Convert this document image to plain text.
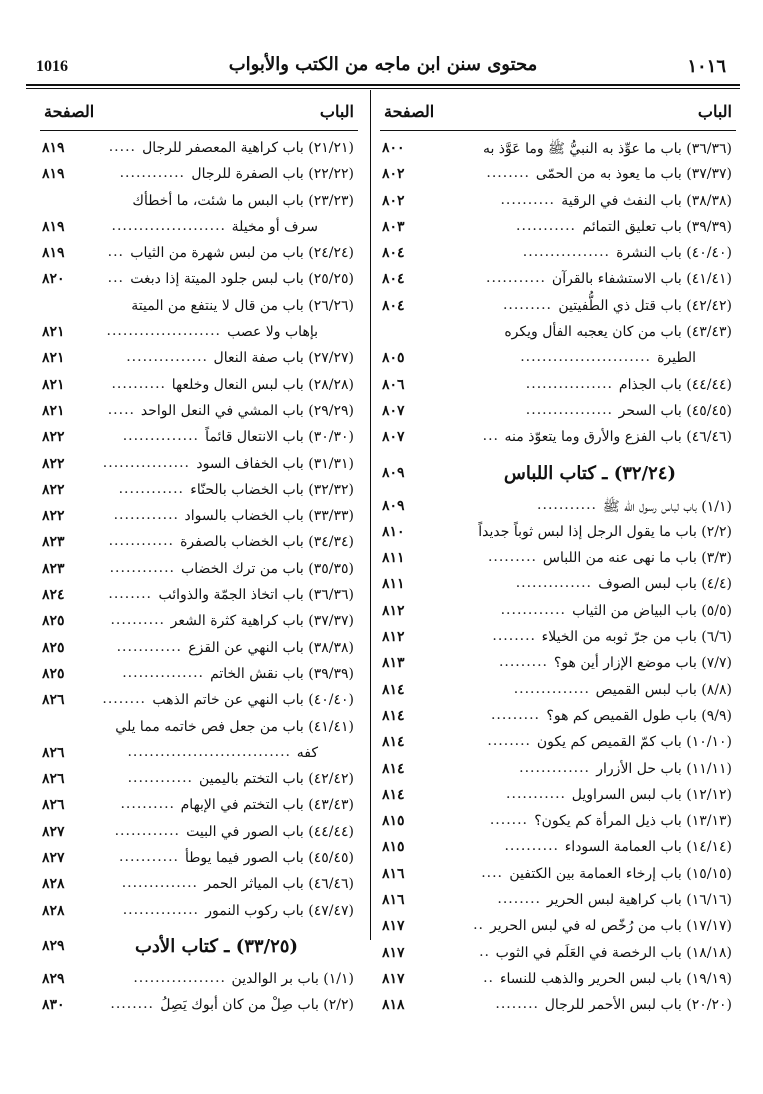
1016	محتوى سنن ابن ماجه من الكتب والأبواب	١٠١٦
الباب
الصفحة
(٣٦/٣٦) باب ما عوِّذ به النبيُّ ﷺ وما عَوَّذ به
٨٠٠
(٣٧/٣٧) باب ما يعوذ به من الحمّى
........
٨٠٢
(٣٨/٣٨) باب النفث في الرقية
..........
٨٠٢
(٣٩/٣٩) باب تعليق التمائم
...........
٨٠٣
(٤٠/٤٠) باب النشرة
................
٨٠٤
(٤١/٤١) باب الاستشفاء بالقرآن
...........
٨٠٤
(٤٢/٤٢) باب قتل ذي الطُّفيتين
.........
٨٠٤
(٤٣/٤٣) باب من كان يعجبه الفأل ويكره
الطيرة
........................
٨٠٥
(٤٤/٤٤) باب الجذام
................
٨٠٦
(٤٥/٤٥) باب السحر
................
٨٠٧
(٤٦/٤٦) باب الفزع والأرق وما يتعوّذ منه
...
٨٠٧
(٣٢/٢٤) ـ كتاب اللباس
٨٠٩
(١/١) باب لباس رسول الله ﷺ
...........
٨٠٩
(٢/٢) باب ما يقول الرجل إذا لبس ثوباً جديداً
٨١٠
(٣/٣) باب ما نهى عنه من اللباس
.........
٨١١
(٤/٤) باب لبس الصوف
..............
٨١١
(٥/٥) باب البياض من الثياب
............
٨١٢
(٦/٦) باب من جرّ ثوبه من الخيلاء
........
٨١٢
(٧/٧) باب موضع الإزار أين هو؟
.........
٨١٣
(٨/٨) باب لبس القميص
..............
٨١٤
(٩/٩) باب طول القميص كم هو؟
.........
٨١٤
(١٠/١٠) باب كمّ القميص كم يكون
........
٨١٤
(١١/١١) باب حل الأزرار
.............
٨١٤
(١٢/١٢) باب لبس السراويل
...........
٨١٤
(١٣/١٣) باب ذيل المرأة كم يكون؟
.......
٨١٥
(١٤/١٤) باب العمامة السوداء
..........
٨١٥
(١٥/١٥) باب إرخاء العمامة بين الكتفين
....
٨١٦
(١٦/١٦) باب كراهية لبس الحرير
........
٨١٦
(١٧/١٧) باب من رُخّص له في لبس الحرير
..
٨١٧
(١٨/١٨) باب الرخصة في العَلَم في الثوب
..
٨١٧
(١٩/١٩) باب لبس الحرير والذهب للنساء
..
٨١٧
(٢٠/٢٠) باب لبس الأحمر للرجال
........
٨١٨
الباب
الصفحة
(٢١/٢١) باب كراهية المعصفر للرجال
.....
٨١٩
(٢٢/٢٢) باب الصفرة للرجال
............
٨١٩
(٢٣/٢٣) باب البس ما شئت، ما أخطأك
سرف أو مخيلة
.....................
٨١٩
(٢٤/٢٤) باب من لبس شهرة من الثياب
...
٨١٩
(٢٥/٢٥) باب لبس جلود الميتة إذا دبغت
...
٨٢٠
(٢٦/٢٦) باب من قال لا ينتفع من الميتة
بإهاب ولا عصب
.....................
٨٢١
(٢٧/٢٧) باب صفة النعال
...............
٨٢١
(٢٨/٢٨) باب لبس النعال وخلعها
..........
٨٢١
(٢٩/٢٩) باب المشي في النعل الواحد
.....
٨٢١
(٣٠/٣٠) باب الانتعال قائماً
..............
٨٢٢
(٣١/٣١) باب الخفاف السود
................
٨٢٢
(٣٢/٣٢) باب الخضاب بالحنّاء
............
٨٢٢
(٣٣/٣٣) باب الخضاب بالسواد
............
٨٢٢
(٣٤/٣٤) باب الخضاب بالصفرة
............
٨٢٣
(٣٥/٣٥) باب من ترك الخضاب
............
٨٢٣
(٣٦/٣٦) باب اتخاذ الجمّة والذوائب
........
٨٢٤
(٣٧/٣٧) باب كراهية كثرة الشعر
..........
٨٢٥
(٣٨/٣٨) باب النهي عن القزع
............
٨٢٥
(٣٩/٣٩) باب نقش الخاتم
...............
٨٢٥
(٤٠/٤٠) باب النهي عن خاتم الذهب
........
٨٢٦
(٤١/٤١) باب من جعل فص خاتمه مما يلي
كفه
..............................
٨٢٦
(٤٢/٤٢) باب التختم باليمين
............
٨٢٦
(٤٣/٤٣) باب التختم في الإبهام
..........
٨٢٦
(٤٤/٤٤) باب الصور في البيت
............
٨٢٧
(٤٥/٤٥) باب الصور فيما يوطأ
...........
٨٢٧
(٤٦/٤٦) باب المياثر الحمر
..............
٨٢٨
(٤٧/٤٧) باب ركوب النمور
..............
٨٢٨
(٣٣/٢٥) ـ كتاب الأدب
٨٢٩
(١/١) باب بر الوالدين
.................
٨٢٩
(٢/٢) باب صِلْ من كان أبوك يَصِلُ
........
٨٣٠
